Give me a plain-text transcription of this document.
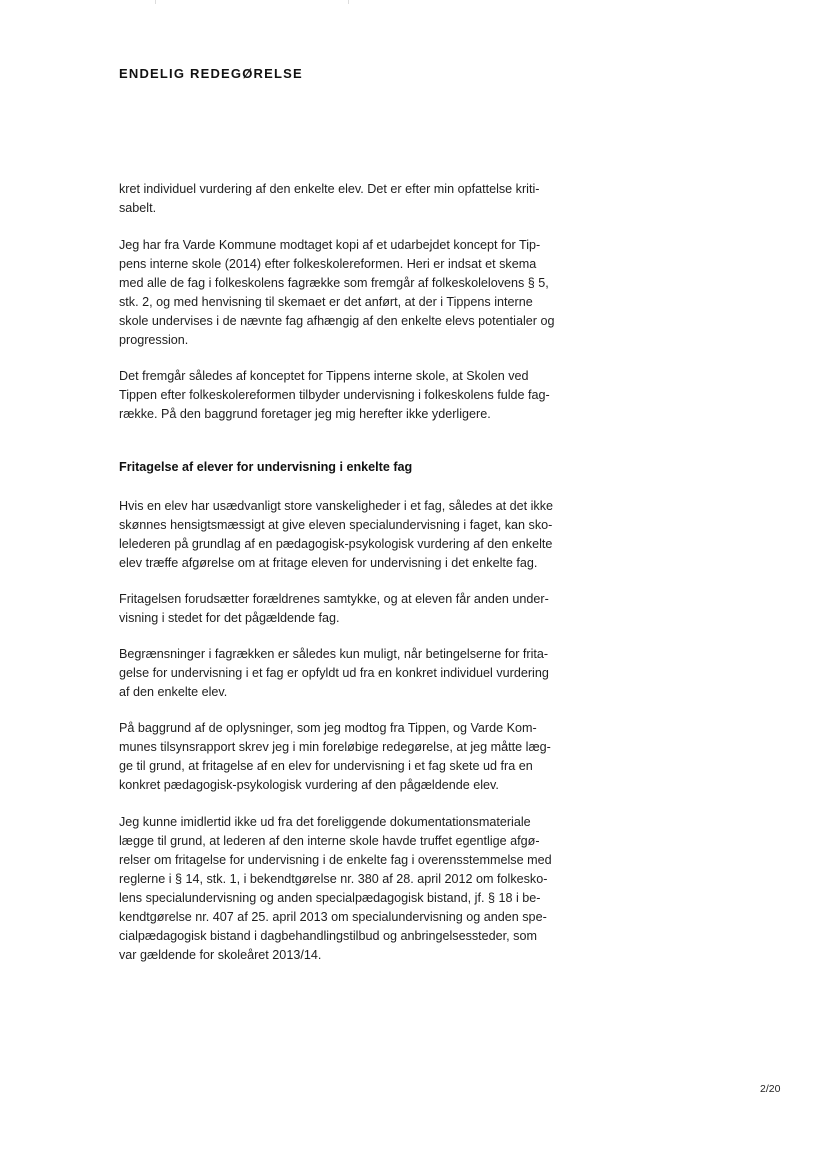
ENDELIG REDEGØRELSE
kret individuel vurdering af den enkelte elev. Det er efter min opfattelse kriti-
sabelt.
Jeg har fra Varde Kommune modtaget kopi af et udarbejdet koncept for Tip-
pens interne skole (2014) efter folkeskolereformen. Heri er indsat et skema
med alle de fag i folkeskolens fagrække som fremgår af folkeskolelovens § 5,
stk. 2, og med henvisning til skemaet er det anført, at der i Tippens interne
skole undervises i de nævnte fag afhængig af den enkelte elevs potentialer og
progression.
Det fremgår således af konceptet for Tippens interne skole, at Skolen ved
Tippen efter folkeskolereformen tilbyder undervisning i folkeskolens fulde fag-
række. På den baggrund foretager jeg mig herefter ikke yderligere.
Fritagelse af elever for undervisning i enkelte fag
Hvis en elev har usædvanligt store vanskeligheder i et fag, således at det ikke
skønnes hensigtsmæssigt at give eleven specialundervisning i faget, kan sko-
lelederen på grundlag af en pædagogisk-psykologisk vurdering af den enkelte
elev træffe afgørelse om at fritage eleven for undervisning i det enkelte fag.
Fritagelsen forudsætter forældrenes samtykke, og at eleven får anden under-
visning i stedet for det pågældende fag.
Begrænsninger i fagrækken er således kun muligt, når betingelserne for frita-
gelse for undervisning i et fag er opfyldt ud fra en konkret individuel vurdering
af den enkelte elev.
På baggrund af de oplysninger, som jeg modtog fra Tippen, og Varde Kom-
munes tilsynsrapport skrev jeg i min foreløbige redegørelse, at jeg måtte læg-
ge til grund, at fritagelse af en elev for undervisning i et fag skete ud fra en
konkret pædagogisk-psykologisk vurdering af den pågældende elev.
Jeg kunne imidlertid ikke ud fra det foreliggende dokumentationsmateriale
lægge til grund, at lederen af den interne skole havde truffet egentlige afgø-
relser om fritagelse for undervisning i de enkelte fag i overensstemmelse med
reglerne i § 14, stk. 1, i bekendtgørelse nr. 380 af 28. april 2012 om folkesko-
lens specialundervisning og anden specialpædagogisk bistand, jf. § 18 i be-
kendtgørelse nr. 407 af 25. april 2013 om specialundervisning og anden spe-
cialpædagogisk bistand i dagbehandlingstilbud og anbringelsessteder, som
var gældende for skoleåret 2013/14.
2/20
